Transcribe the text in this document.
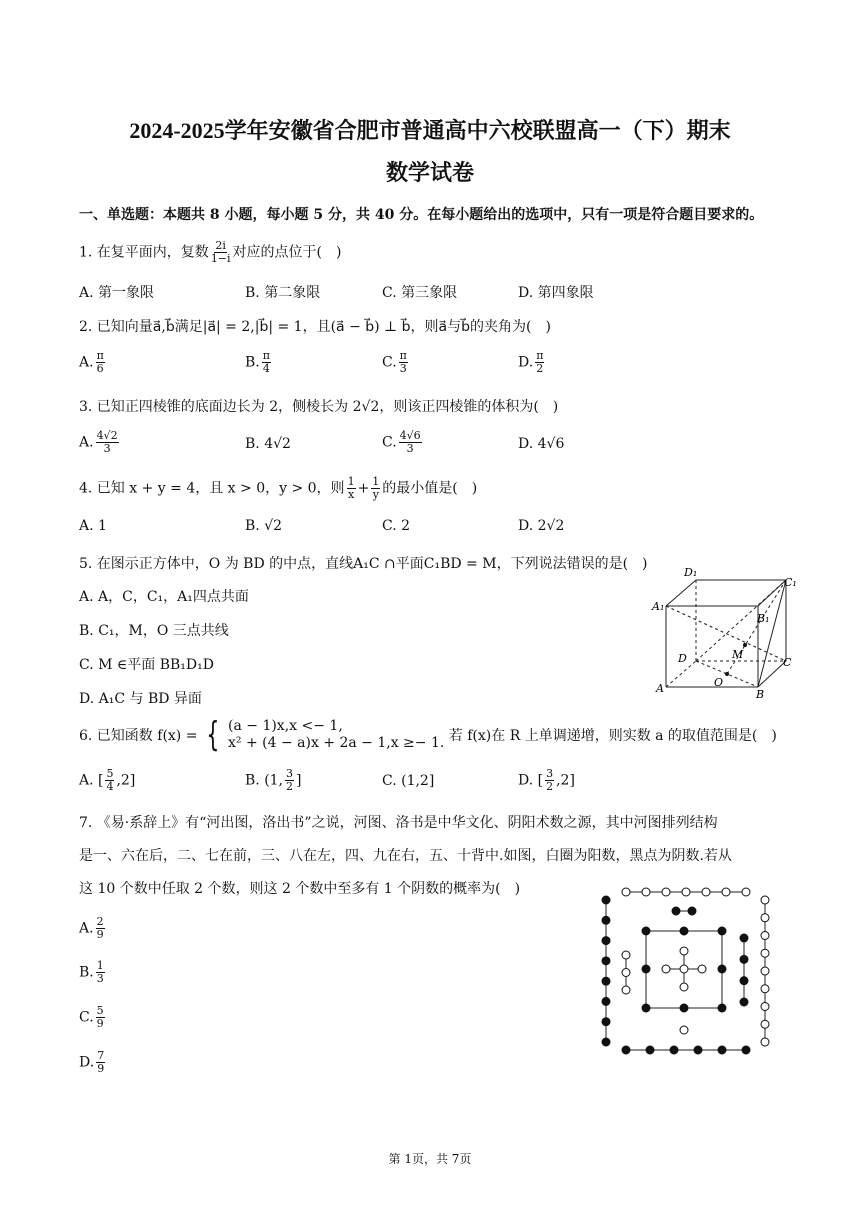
2024-2025学年安徽省合肥市普通高中六校联盟高一（下）期末
数学试卷
一、单选题：本题共 8 小题，每小题 5 分，共 40 分。在每小题给出的选项中，只有一项是符合题目要求的。
1. 在复平面内，复数 $\frac{2i}{1-i}$ 对应的点位于(　)
A. 第一象限	B. 第二象限	C. 第三象限	D. 第四象限
2. 已知向量a⃗,b⃗满足|a⃗| = 2,|b⃗| = 1，且(a⃗ − b⃗) ⊥ b⃗，则a⃗与b⃗的夹角为(　)
A. $\frac{\pi}{6}$	B. $\frac{\pi}{4}$	C. $\frac{\pi}{3}$	D. $\frac{\pi}{2}$
3. 已知正四棱锥的底面边长为 2，侧棱长为 2√2，则该正四棱锥的体积为(　)
A. $\frac{4√2}{3}$	B. 4√2	C. $\frac{4√6}{3}$	D. 4√6
4. 已知 x + y = 4，且 x > 0，y > 0，则 $\frac{1}{x} + \frac{1}{y}$ 的最小值是(　)
A. 1	B. √2	C. 2	D. 2√2
5. 在图示正方体中，O 为 BD 的中点，直线A₁C ∩平面C₁BD = M，下列说法错误的是(　)
A. A，C，C₁，A₁四点共面
B. C₁，M，O 三点共线
C. M ∈平面 BB₁D₁D
D. A₁C 与 BD 异面
D₁
C₁
A₁
B₁
D	M
C
A	O
B
6. 已知函数 f(x) = { (a − 1)x,x <− 1,
x² + (4 − a)x + 2a − 1,x ≥− 1. 若 f(x)在 R 上单调递增，则实数 a 的取值范围是(　)
A. [ $\frac{5}{4} ,2$]	B. (1, $\frac{3}{2}$ ]	C. (1,2]	D. [ $\frac{3}{2} ,2$]
7. 《易·系辞上》有“河出图，洛出书”之说，河图、洛书是中华文化、阴阳术数之源，其中河图排列结构
是一、六在后，二、七在前，三、八在左，四、九在右，五、十背中.如图，白圈为阳数，黑点为阴数.若从
这 10 个数中任取 2 个数，则这 2 个数中至多有 1 个阴数的概率为(　)
A. $\frac{2}{9}$
B. $\frac{1}{3}$
C. $\frac{5}{9}$
D. $\frac{7}{9}$
第 1页，共 7页
